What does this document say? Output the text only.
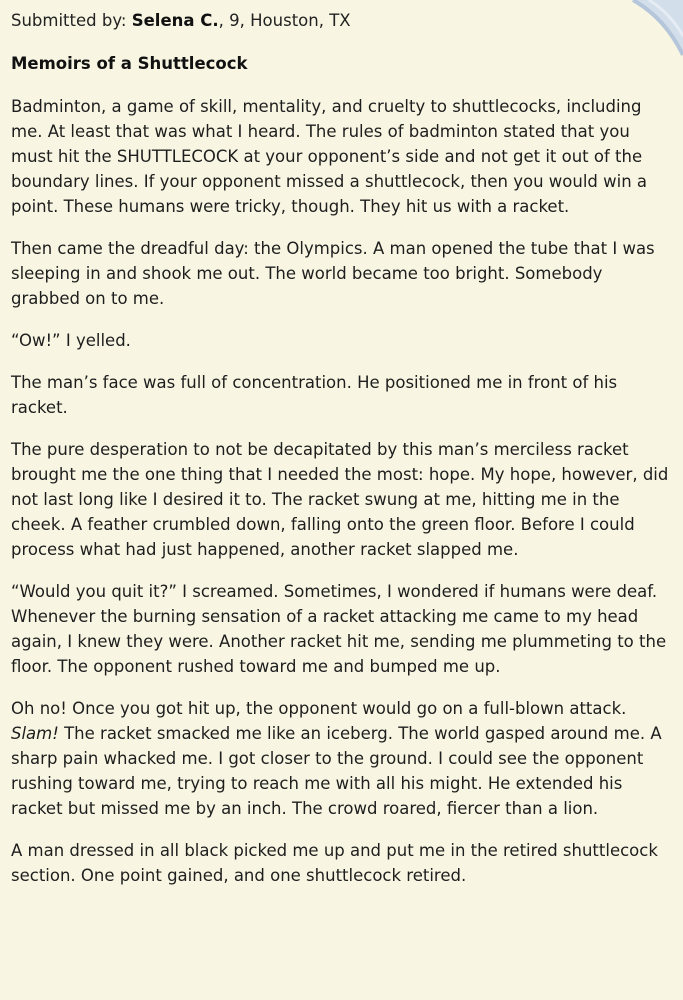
Submitted by: Selena C., 9, Houston, TX

Memoirs of a Shuttlecock

Badminton, a game of skill, mentality, and cruelty to shuttlecocks, including me. At least that was what I heard. The rules of badminton stated that you must hit the SHUTTLECOCK at your opponent’s side and not get it out of the boundary lines. If your opponent missed a shuttlecock, then you would win a point. These humans were tricky, though. They hit us with a racket.

Then came the dreadful day: the Olympics. A man opened the tube that I was sleeping in and shook me out. The world became too bright. Somebody grabbed on to me.

“Ow!” I yelled.

The man’s face was full of concentration. He positioned me in front of his racket.

The pure desperation to not be decapitated by this man’s merciless racket brought me the one thing that I needed the most: hope. My hope, however, did not last long like I desired it to. The racket swung at me, hitting me in the cheek. A feather crumbled down, falling onto the green floor. Before I could process what had just happened, another racket slapped me.

“Would you quit it?” I screamed. Sometimes, I wondered if humans were deaf. Whenever the burning sensation of a racket attacking me came to my head again, I knew they were. Another racket hit me, sending me plummeting to the floor. The opponent rushed toward me and bumped me up.

Oh no! Once you got hit up, the opponent would go on a full-blown attack. Slam! The racket smacked me like an iceberg. The world gasped around me. A sharp pain whacked me. I got closer to the ground. I could see the opponent rushing toward me, trying to reach me with all his might. He extended his racket but missed me by an inch. The crowd roared, fiercer than a lion.

A man dressed in all black picked me up and put me in the retired shuttlecock section. One point gained, and one shuttlecock retired.
